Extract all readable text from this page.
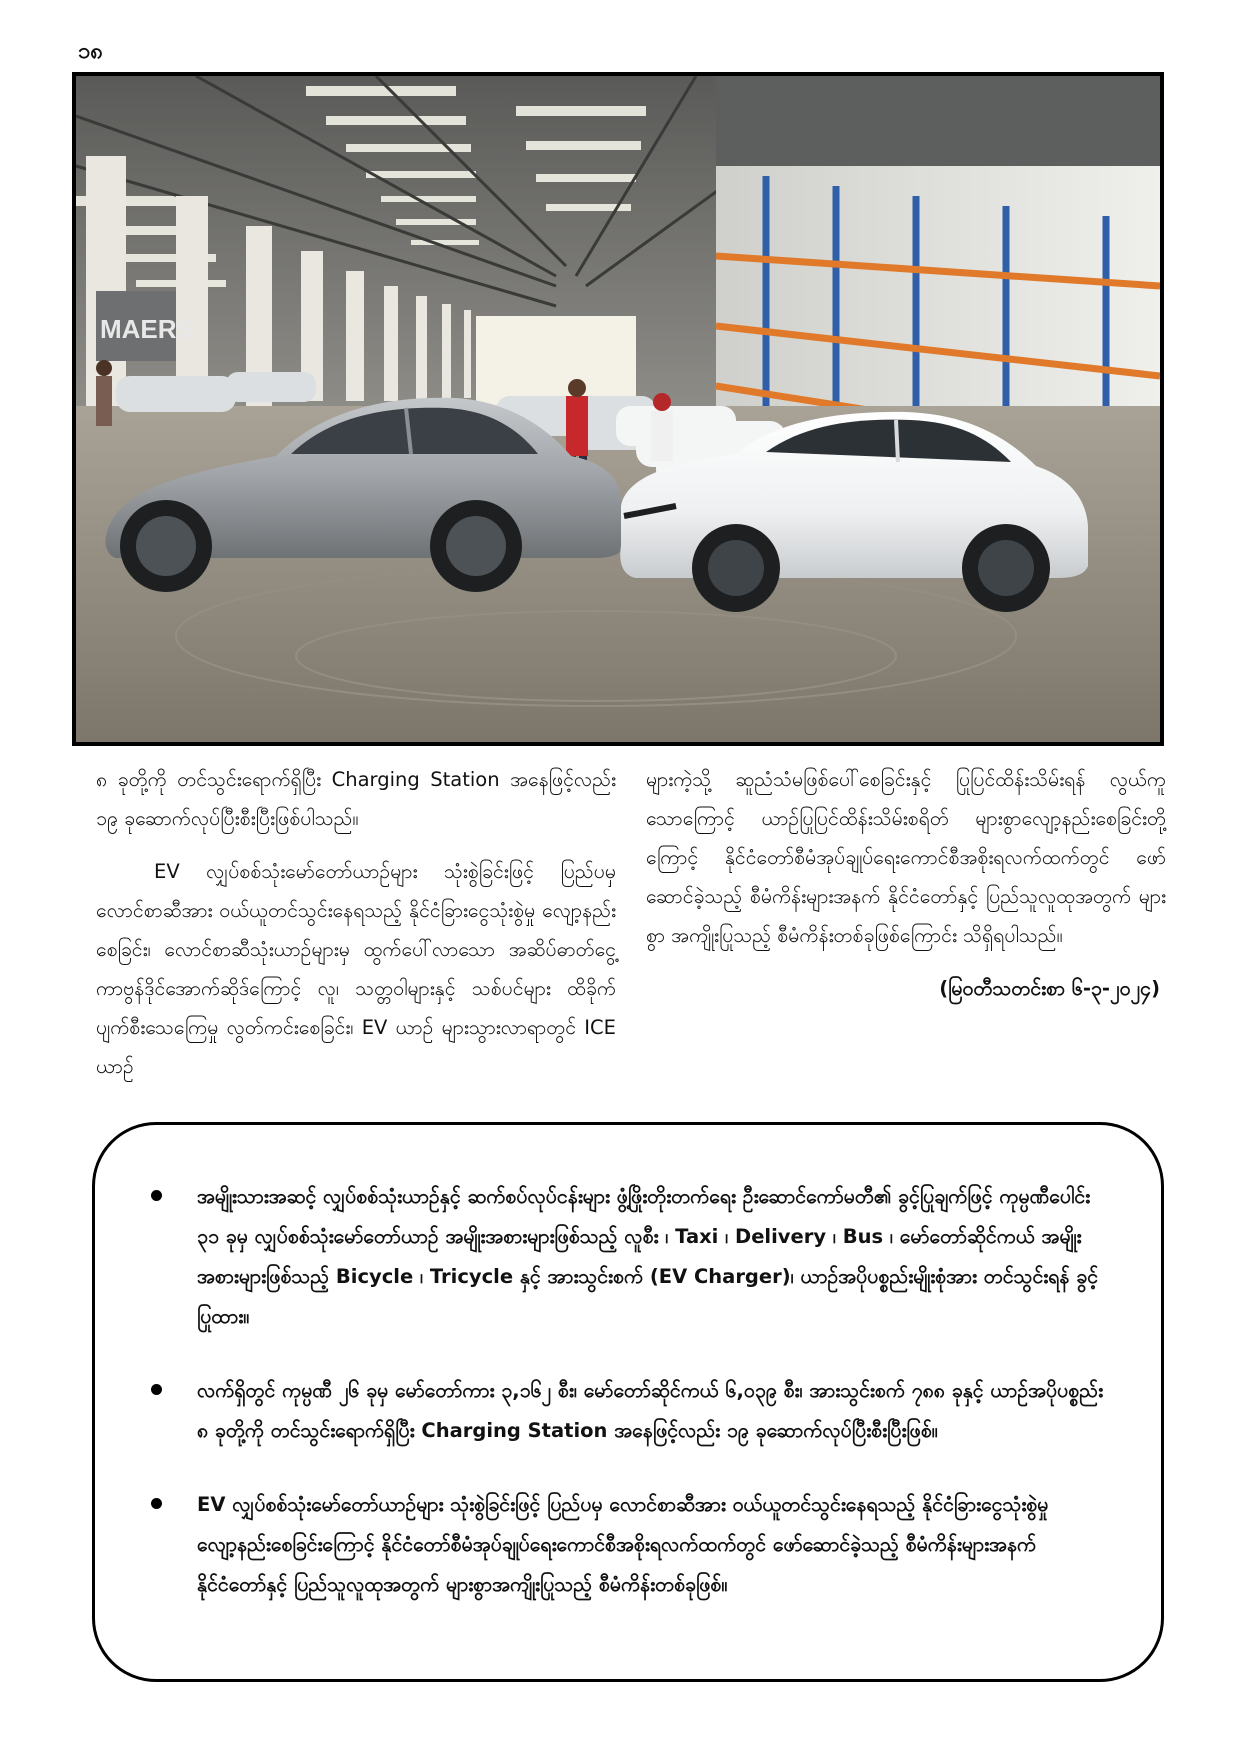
၁၈
MAERS

၈ ခုတို့ကို တင်သွင်းရောက်ရှိပြီး Charging Station အနေဖြင့်လည်း ၁၉ ခုဆောက်လုပ်ပြီးစီးပြီးဖြစ်ပါသည်။

EV လျှပ်စစ်သုံးမော်တော်ယာဉ်များ သုံးစွဲခြင်းဖြင့် ပြည်ပမှ လောင်စာဆီအား ဝယ်ယူတင်သွင်းနေရသည့် နိုင်ငံခြားငွေသုံးစွဲမှု လျော့နည်းစေခြင်း၊ လောင်စာဆီသုံးယာဉ်များမှ ထွက်ပေါ်လာသော အဆိပ်ဓာတ်ငွေ့ ကာဗွန်ဒိုင်အောက်ဆိုဒ်ကြောင့် လူ၊ သတ္တဝါများနှင့် သစ်ပင်များ ထိခိုက်ပျက်စီးသေကြေမှု လွတ်ကင်းစေခြင်း၊ EV ယာဉ် များသွားလာရာတွင် ICE ယာဉ်

များကဲ့သို့ ဆူညံသံမဖြစ်ပေါ်စေခြင်းနှင့် ပြုပြင်ထိန်းသိမ်းရန် လွယ်ကူသောကြောင့် ယာဉ်ပြုပြင်ထိန်းသိမ်းစရိတ် များစွာလျော့နည်းစေခြင်းတို့ကြောင့် နိုင်ငံတော်စီမံအုပ်ချုပ်ရေးကောင်စီအစိုးရလက်ထက်တွင် ဖော်ဆောင်ခဲ့သည့် စီမံကိန်းများအနက် နိုင်ငံတော်နှင့် ပြည်သူလူထုအတွက် များစွာ အကျိုးပြုသည့် စီမံကိန်းတစ်ခုဖြစ်ကြောင်း သိရှိရပါသည်။

(မြဝတီသတင်းစာ ၆-၃-၂၀၂၄)
အမျိုးသားအဆင့် လျှပ်စစ်သုံးယာဉ်နှင့် ဆက်စပ်လုပ်ငန်းများ ဖွံ့ဖြိုးတိုးတက်ရေး ဦးဆောင်ကော်မတီ၏ ခွင့်ပြုချက်ဖြင့် ကုမ္ပဏီပေါင်း ၃၁ ခုမှ လျှပ်စစ်သုံးမော်တော်ယာဉ် အမျိုးအစားများဖြစ်သည့် လူစီး ၊ Taxi ၊ Delivery ၊ Bus ၊ မော်တော်ဆိုင်ကယ် အမျိုးအစားများဖြစ်သည့် Bicycle ၊ Tricycle နှင့် အားသွင်းစက် (EV Charger)၊ ယာဉ်အပိုပစ္စည်းမျိုးစုံအား တင်သွင်းရန် ခွင့်ပြုထား။
လက်ရှိတွင် ကုမ္ပဏီ ၂၆ ခုမှ မော်တော်ကား ၃,၁၆၂ စီး၊ မော်တော်ဆိုင်ကယ် ၆,၀၃၉ စီး၊ အားသွင်းစက် ၇၈၈ ခုနှင့် ယာဉ်အပိုပစ္စည်း ၈ ခုတို့ကို တင်သွင်းရောက်ရှိပြီး Charging Station အနေဖြင့်လည်း ၁၉ ခုဆောက်လုပ်ပြီးစီးပြီးဖြစ်။
EV လျှပ်စစ်သုံးမော်တော်ယာဉ်များ သုံးစွဲခြင်းဖြင့် ပြည်ပမှ လောင်စာဆီအား ဝယ်ယူတင်သွင်းနေရသည့် နိုင်ငံခြားငွေသုံးစွဲမှု လျော့နည်းစေခြင်းကြောင့် နိုင်ငံတော်စီမံအုပ်ချုပ်ရေးကောင်စီအစိုးရလက်ထက်တွင် ဖော်ဆောင်ခဲ့သည့် စီမံကိန်းများအနက် နိုင်ငံတော်နှင့် ပြည်သူလူထုအတွက် များစွာအကျိုးပြုသည့် စီမံကိန်းတစ်ခုဖြစ်။
